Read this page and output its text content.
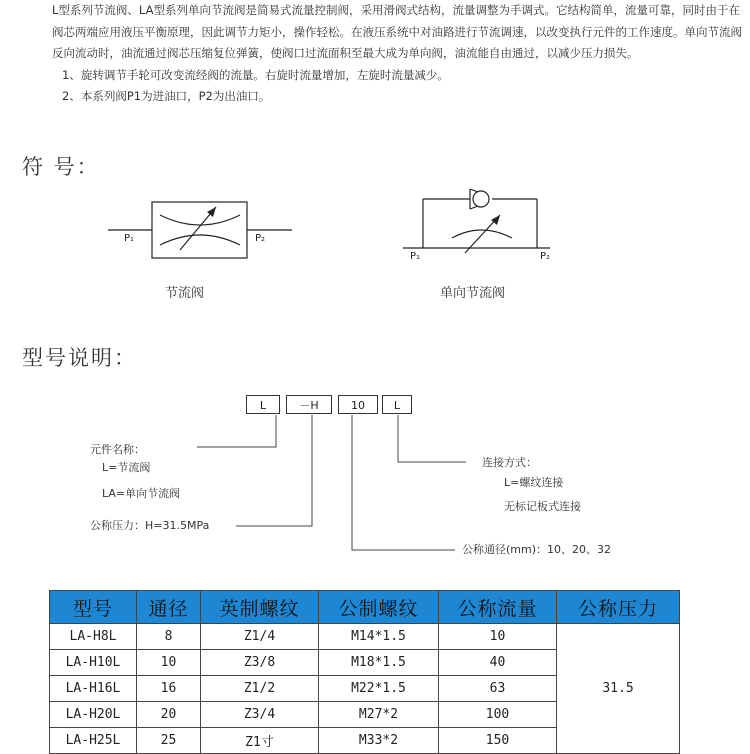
L型系列节流阀、LA型系列单向节流阀是简易式流量控制阀，采用滑阀式结构，流量调整为手调式。它结构简单，流量可靠，同时由于在阀芯两端应用液压平衡原理，因此调节力矩小，操作轻松。在液压系统中对油路进行节流调速，以改变执行元件的工作速度。单向节流阀反向流动时，油流通过阀芯压缩复位弹簧，使阀口过流面积至最大成为单向阀，油流能自由通过，以减少压力损失。

1、旋转调节手轮可改变流经阀的流量。右旋时流量增加，左旋时流量减少。

2、本系列阀P1为进油口，P2为出油口。

符 号：
P₁	P₂
节流阀
P₁	P₂
单向节流阀
型号说明：
L	－H	10	L
元件名称：
L=节流阀
LA=单向节流阀
公称压力：H=31.5MPa
连接方式：
L=螺纹连接
无标记板式连接
公称通径(mm)：10、20、32
型号	通径	英制螺纹	公制螺纹	公称流量	公称压力
LA-H8L	8	Z1/4	M14*1.5	10	31.5
LA-H10L	10	Z3/8	M18*1.5	40	
LA-H16L	16	Z1/2	M22*1.5	63	
LA-H20L	20	Z3/4	M27*2	100	
LA-H25L	25	Z1寸	M33*2	150	
